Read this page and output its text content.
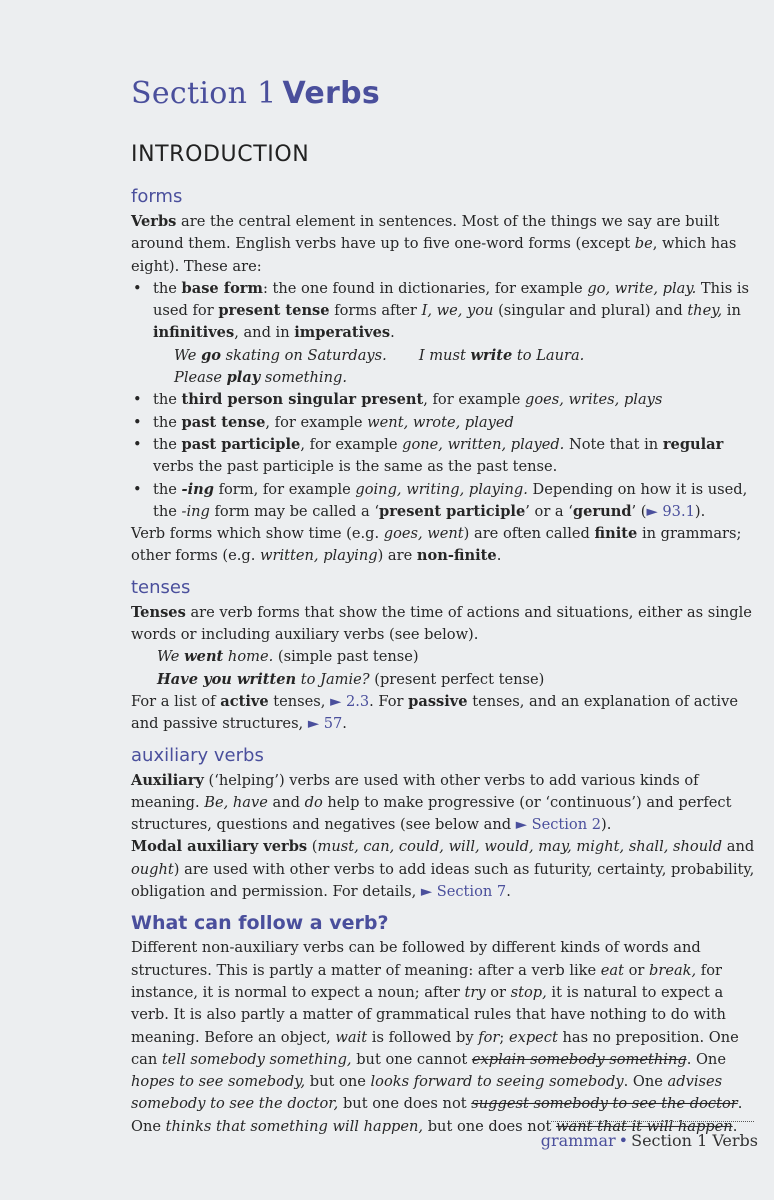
Section 1 Verbs
INTRODUCTION
forms

Verbs are the central element in sentences. Most of the things we say are built around them. English verbs have up to five one-word forms (except be, which has eight). These are:

• the base form: the one found in dictionaries, for example go, write, play. This is used for present tense forms after I, we, you (singular and plural) and they, in infinitives, and in imperatives.
We go skating on Saturdays. I must write to Laura.
Please play something.
• the third person singular present, for example goes, writes, plays
• the past tense, for example went, wrote, played
• the past participle, for example gone, written, played. Note that in regular verbs the past participle is the same as the past tense.
• the -ing form, for example going, writing, playing. Depending on how it is used, the -ing form may be called a ‘present participle’ or a ‘gerund’ (► 93.1).

Verb forms which show time (e.g. goes, went) are often called finite in grammars; other forms (e.g. written, playing) are non-finite.

tenses

Tenses are verb forms that show the time of actions and situations, either as single words or including auxiliary verbs (see below).

We went home. (simple past tense)
Have you written to Jamie? (present perfect tense)

For a list of active tenses, ► 2.3. For passive tenses, and an explanation of active and passive structures, ► 57.

auxiliary verbs

Auxiliary (‘helping’) verbs are used with other verbs to add various kinds of meaning. Be, have and do help to make progressive (or ‘continuous’) and perfect structures, questions and negatives (see below and ► Section 2).

Modal auxiliary verbs (must, can, could, will, would, may, might, shall, should and ought) are used with other verbs to add ideas such as futurity, certainty, probability, obligation and permission. For details, ► Section 7.

What can follow a verb?

Different non-auxiliary verbs can be followed by different kinds of words and structures. This is partly a matter of meaning: after a verb like eat or break, for instance, it is normal to expect a noun; after try or stop, it is natural to expect a verb. It is also partly a matter of grammatical rules that have nothing to do with meaning. Before an object, wait is followed by for; expect has no preposition. One can tell somebody something, but one cannot explain somebody something. One hopes to see somebody, but one looks forward to seeing somebody. One advises somebody to see the doctor, but one does not suggest somebody to see the doctor. One thinks that something will happen, but one does not want that it will happen.

grammar • Section 1 Verbs
